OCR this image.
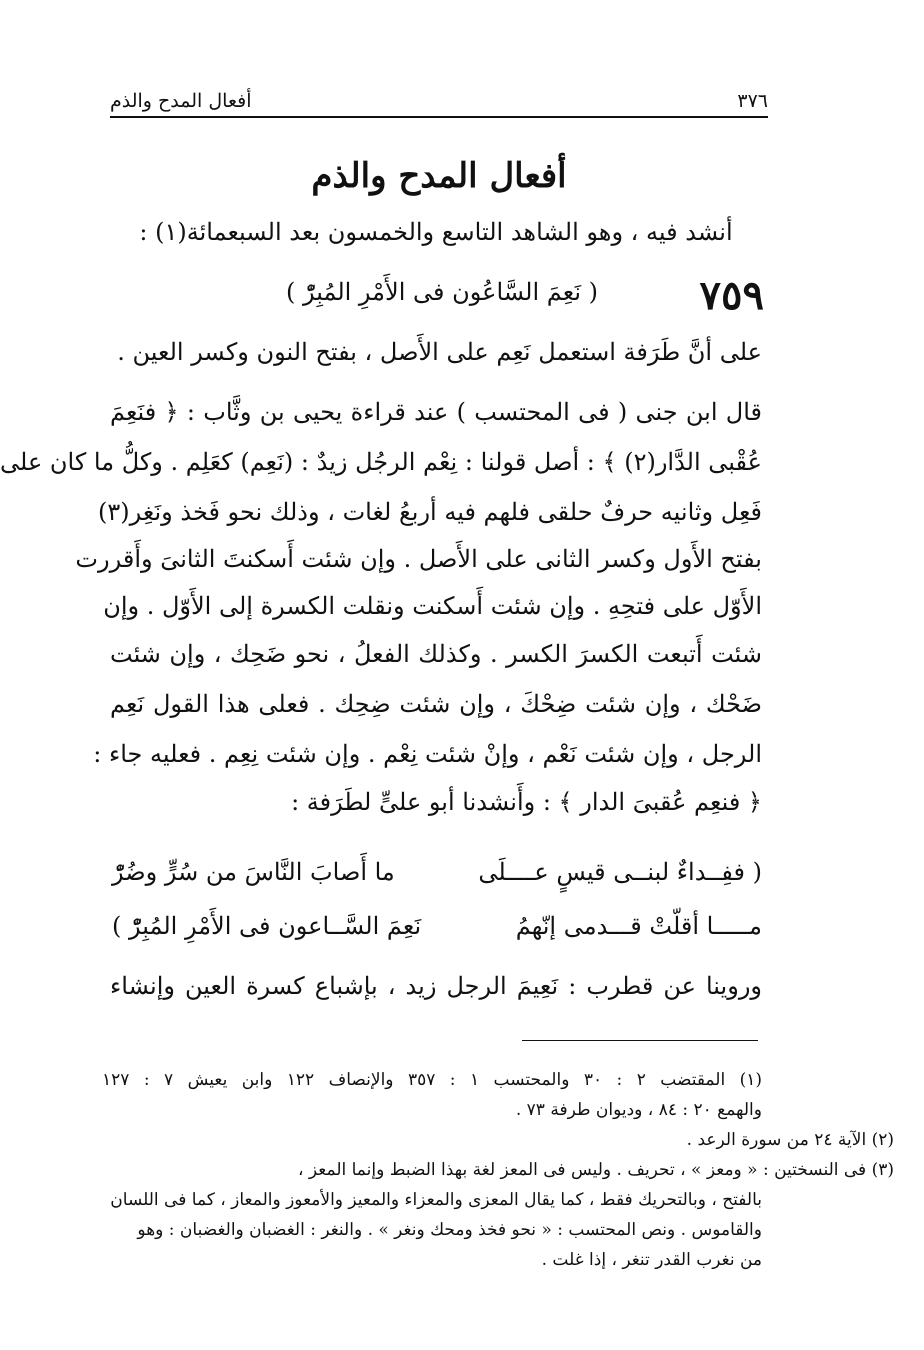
٣٧٦
أفعال المدح والذم
أفعال المدح والذم
أنشد فيه ، وهو الشاهد التاسع والخمسون بعد السبعمائة(١) :
٧٥٩
( نَعِمَ السَّاعُون فى الأَمْرِ المُبِرّْ )
على أنَّ طَرَفة استعمل نَعِم على الأَصل ، بفتح النون وكسر العين .
قال ابن جنى ( فى المحتسب ) عند قراءة يحيى بن وثَّاب : ﴿ فنَعِمَ
عُقْبى الدَّار(٢) ﴾ : أصل قولنا : نِعْم الرجُل زيدٌ : (نَعِم) كعَلِم . وكلُّ ما كان على
فَعِل وثانيه حرفٌ حلقى فلهم فيه أربعُ لغات ، وذلك نحو فَخذ ونَغِر(٣)
بفتح الأَول وكسر الثانى على الأَصل . وإن شئت أَسكنتَ الثانىَ وأَقررت
الأَوّل على فتحِهِ . وإن شئت أَسكنت ونقلت الكسرة إلى الأَوّل . وإن
شئت أَتبعت الكسرَ الكسر . وكذلك الفعلُ ، نحو ضَحِك ، وإن شئت
ضَحْك ، وإن شئت ضِحْكَ ، وإن شئت ضِحِك . فعلى هذا القول نَعِم
الرجل ، وإن شئت نَعْم ، وإنْ شئت نِعْم . وإن شئت نِعِم . فعليه جاء :
﴿ فنعِم عُقبىَ الدار ﴾ : وأَنشدنا أبو علىٍّ لطَرَفة :
( ففِــداءٌ لبنــى قيسٍ عــــلَى
ما أَصابَ النَّاسَ من سُرٍّ وضُرّْ
مـــــا أقلّتْ قـــدمى إنّهمُ
نَعِمَ السَّــاعون فى الأَمْرِ المُبِرّْ )
وروينا عن قطرب : نَعِيمَ الرجل زيد ، بإشباع كسرة العين وإنشاء
(١) المقتضب ٢ : ٣٠ والمحتسب ١ : ٣٥٧ والإنصاف ١٢٢ وابن يعيش ٧ : ١٢٧
والهمع ٢٠ : ٨٤ ، وديوان طرفة ٧٣ .
(٢) الآية ٢٤ من سورة الرعد .
(٣) فى النسختين : « ومعز » ، تحريف . وليس فى المعز لغة بهذا الضبط وإنما المعز ،
بالفتح ، وبالتحريك فقط ، كما يقال المعزى والمعزاء والمعيز والأمعوز والمعاز ، كما فى اللسان
والقاموس . ونص المحتسب : « نحو فخذ ومحك ونغر » . والنغر : الغضبان والغضبان : وهو
من نغرب القدر تنغر ، إذا غلت .
